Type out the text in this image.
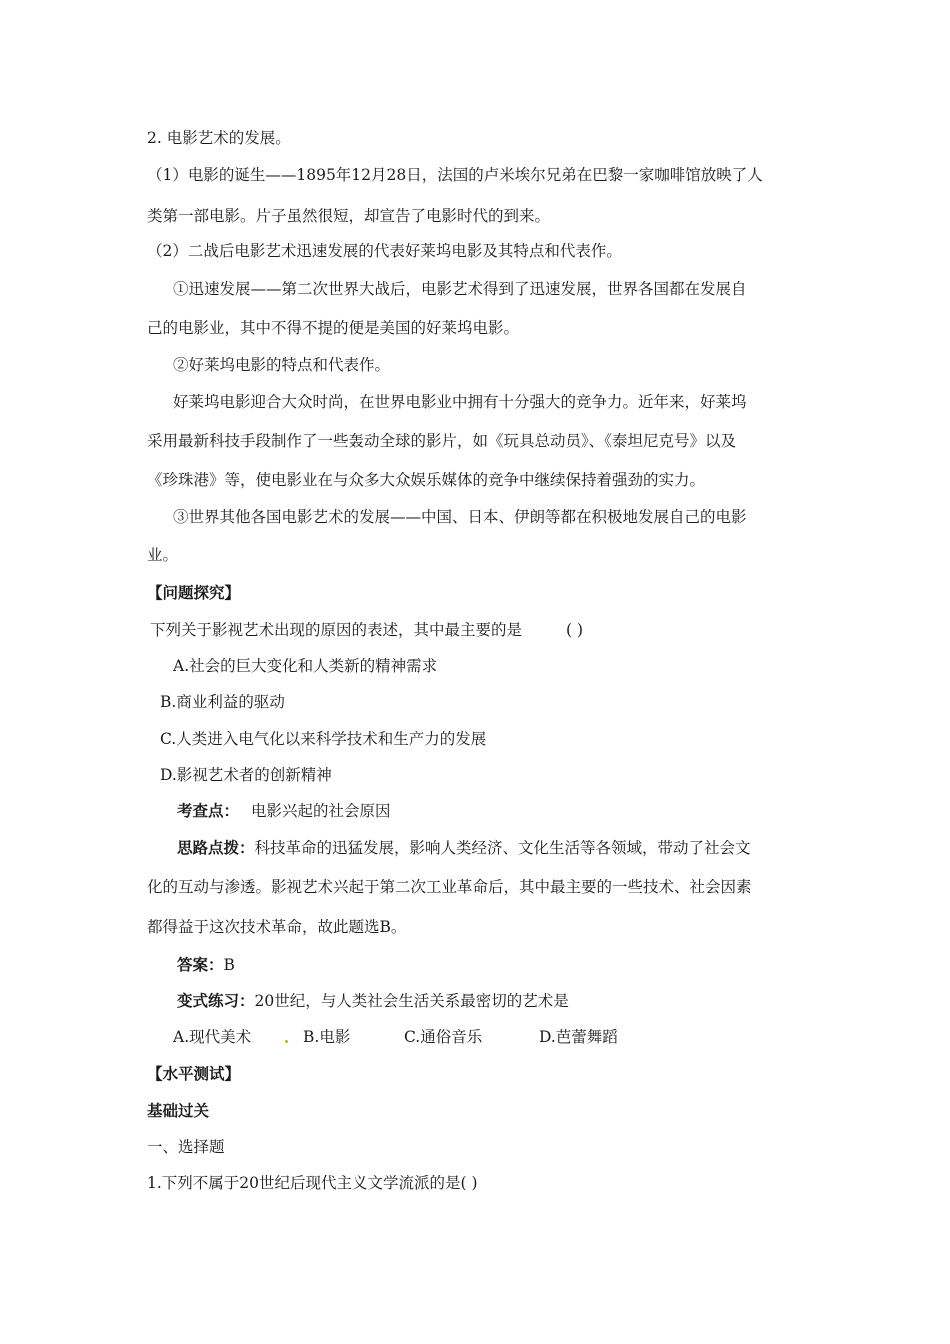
2. 电影艺术的发展。
（1）电影的诞生——1895年12月28日，法国的卢米埃尔兄弟在巴黎一家咖啡馆放映了人
类第一部电影。片子虽然很短，却宣告了电影时代的到来。
（2）二战后电影艺术迅速发展的代表好莱坞电影及其特点和代表作。
①迅速发展——第二次世界大战后，电影艺术得到了迅速发展，世界各国都在发展自
己的电影业，其中不得不提的便是美国的好莱坞电影。
②好莱坞电影的特点和代表作。
好莱坞电影迎合大众时尚，在世界电影业中拥有十分强大的竞争力。近年来，好莱坞
采用最新科技手段制作了一些轰动全球的影片，如《玩具总动员》、《泰坦尼克号》以及
《珍珠港》等，使电影业在与众多大众娱乐媒体的竞争中继续保持着强劲的实力。
③世界其他各国电影艺术的发展——中国、日本、伊朗等都在积极地发展自己的电影
业。
【问题探究】
下列关于影视艺术出现的原因的表述，其中最主要的是	( )
A.社会的巨大变化和人类新的精神需求
B.商业利益的驱动
C.人类进入电气化以来科学技术和生产力的发展
D.影视艺术者的创新精神
考查点： 电影兴起的社会原因
思路点拨：科技革命的迅猛发展，影响人类经济、文化生活等各领域，带动了社会文
化的互动与渗透。影视艺术兴起于第二次工业革命后，其中最主要的一些技术、社会因素
都得益于这次技术革命，故此题选B。
答案：B
变式练习：20世纪，与人类社会生活关系最密切的艺术是
A.现代美术	B.电影	C.通俗音乐	D.芭蕾舞蹈
【水平测试】
基础过关
一、选择题
1.下列不属于20世纪后现代主义文学流派的是( )
